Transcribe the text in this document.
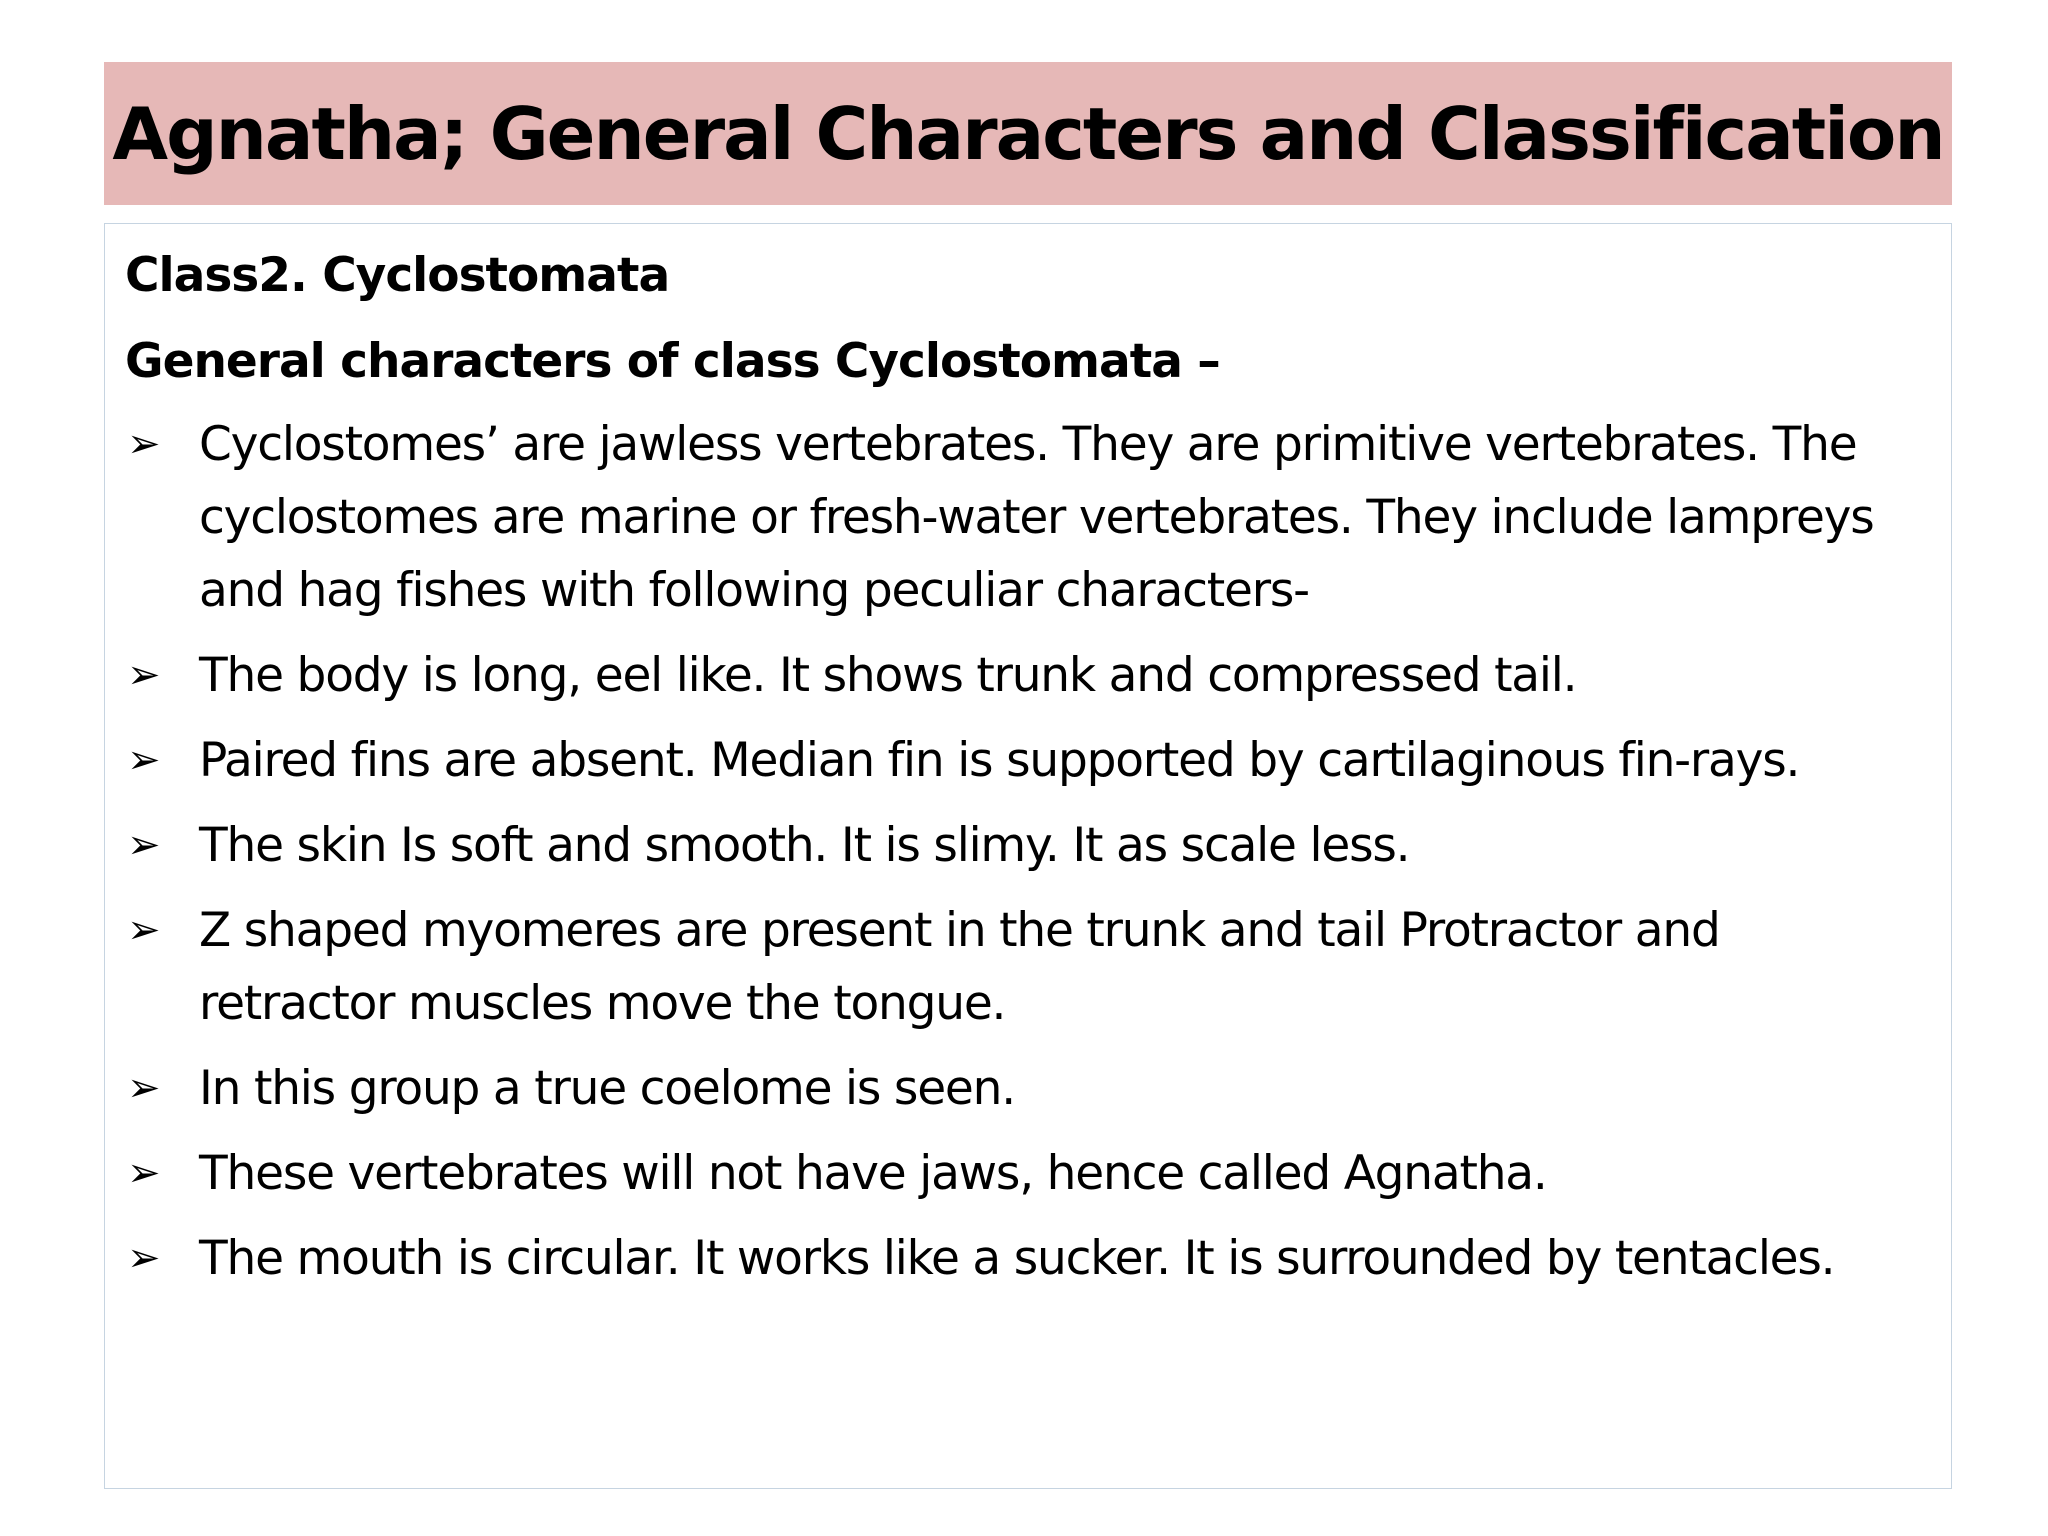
Agnatha; General Characters and Classification
Class2. Cyclostomata
General characters of class Cyclostomata –
➢ Cyclostomes’ are jawless vertebrates. They are primitive vertebrates. The cyclostomes are marine or fresh-water vertebrates. They include lampreys and hag fishes with following peculiar characters-
➢ The body is long, eel like. It shows trunk and compressed tail.
➢ Paired fins are absent. Median fin is supported by cartilaginous fin-rays.
➢ The skin Is soft and smooth. It is slimy. It as scale less.
➢ Z shaped myomeres are present in the trunk and tail Protractor and retractor muscles move the tongue.
➢ In this group a true coelome is seen.
➢ These vertebrates will not have jaws, hence called Agnatha.
➢ The mouth is circular. It works like a sucker. It is surrounded by tentacles.
